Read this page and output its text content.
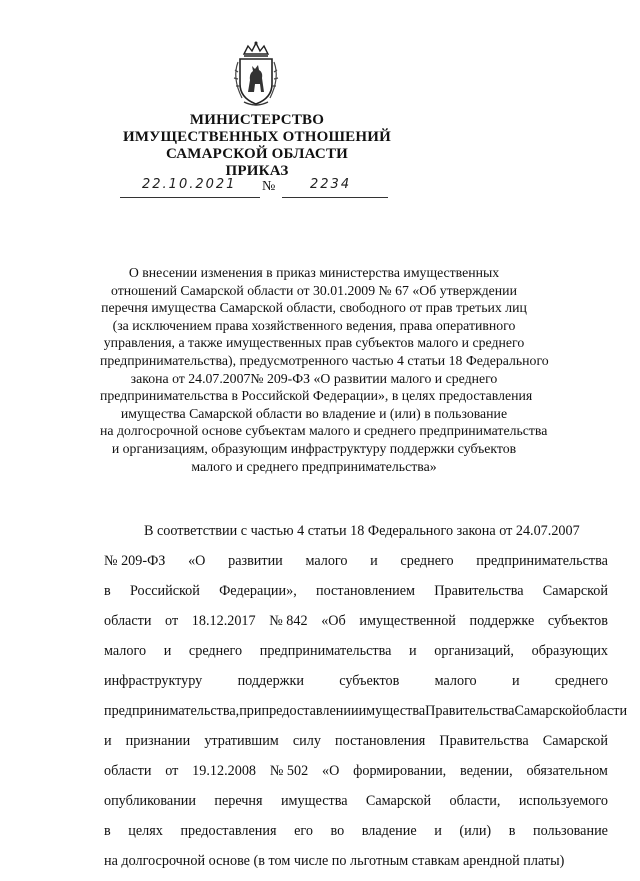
МИНИСТЕРСТВО
ИМУЩЕСТВЕННЫХ ОТНОШЕНИЙ
САМАРСКОЙ ОБЛАСТИ
ПРИКАЗ
22.10.2021 №	2234
О внесении изменения в приказ министерства имущественных
отношений Самарской области от 30.01.2009 № 67 «Об утверждении
перечня имущества Самарской области, свободного от прав третьих лиц
(за исключением права хозяйственного ведения, права оперативного
управления, а также имущественных прав субъектов малого и среднего
предпринимательства), предусмотренного частью 4 статьи 18 Федерального
закона от 24.07.2007№ 209-ФЗ «О развитии малого и среднего
предпринимательства в Российской Федерации», в целях предоставления
имущества Самарской области во владение и (или) в пользование
на долгосрочной основе субъектам малого и среднего предпринимательства
и организациям, образующим инфраструктуру поддержки субъектов
малого и среднего предпринимательства»
В соответствии с частью 4 статьи 18 Федерального закона от 24.07.2007
№ 209-ФЗ «О развитии малого и среднего предпринимательства
в Российской Федерации», постановлением Правительства Самарской
области от 18.12.2017 № 842 «Об имущественной поддержке субъектов
малого и среднего предпринимательства и организаций, образующих
инфраструктуру поддержки субъектов малого и среднего
предпринимательства, при предоставлении имущества Правительства Самарской области
и признании утратившим силу постановления Правительства Самарской
области от 19.12.2008 № 502 «О формировании, ведении, обязательном
опубликовании перечня имущества Самарской области, используемого
в целях предоставления его во владение и (или) в пользование
на долгосрочной основе (в том числе по льготным ставкам арендной платы)
